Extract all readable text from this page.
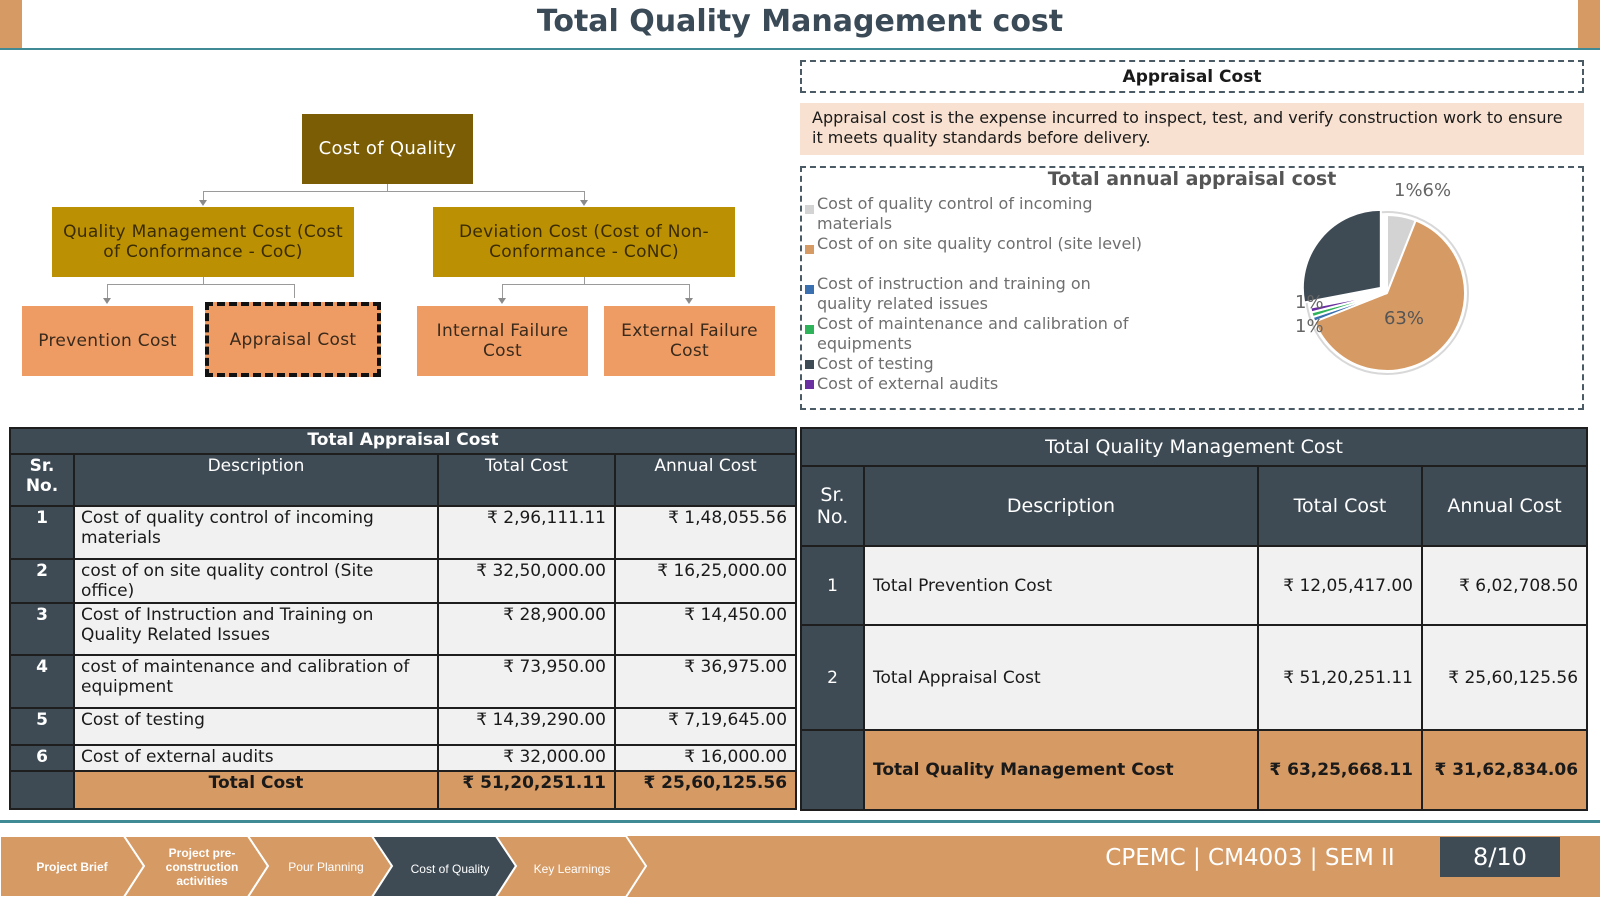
Total Quality Management cost
Cost of Quality
Quality Management Cost (Cost of Conformance - CoC)
Deviation Cost (Cost of Non-Conformance - CoNC)
Prevention Cost	Appraisal Cost	Internal Failure Cost
External Failure Cost
Appraisal Cost
Appraisal cost is the expense incurred to inspect, test, and verify construction work to ensure it meets quality standards before delivery.
Total annual appraisal cost
Cost of quality control of incoming materials
Cost of on site quality control (site level)
Cost of instruction and training on quality related issues
Cost of maintenance and calibration of equipments
Cost of testing
Cost of external audits
1%6%
63%
1%
1%
Total Appraisal Cost			
Sr. No.	Description	Total Cost	Annual Cost
1	Cost of quality control of incoming materials	₹ 2,96,111.11	₹ 1,48,055.56
2	cost of on site quality control (Site office)	₹ 32,50,000.00	₹ 16,25,000.00
3	Cost of Instruction and Training on Quality Related Issues	₹ 28,900.00	₹ 14,450.00
4	cost of maintenance and calibration of equipment	₹ 73,950.00	₹ 36,975.00
5	Cost of testing	₹ 14,39,290.00	₹ 7,19,645.00
6	Cost of external audits	₹ 32,000.00	₹ 16,000.00
	Total Cost	₹ 51,20,251.11	₹ 25,60,125.56
Total Quality Management Cost			
Sr. No.	Description	Total Cost	Annual Cost
1	Total Prevention Cost	₹ 12,05,417.00	₹ 6,02,708.50
2	Total Appraisal Cost	₹ 51,20,251.11	₹ 25,60,125.56
	Total Quality Management Cost	₹ 63,25,668.11	₹ 31,62,834.06
Project Brief
Project pre-construction activities
Pour Planning	Cost of Quality	Key Learnings	CPEMC | CM4003 | SEM II	8/10
